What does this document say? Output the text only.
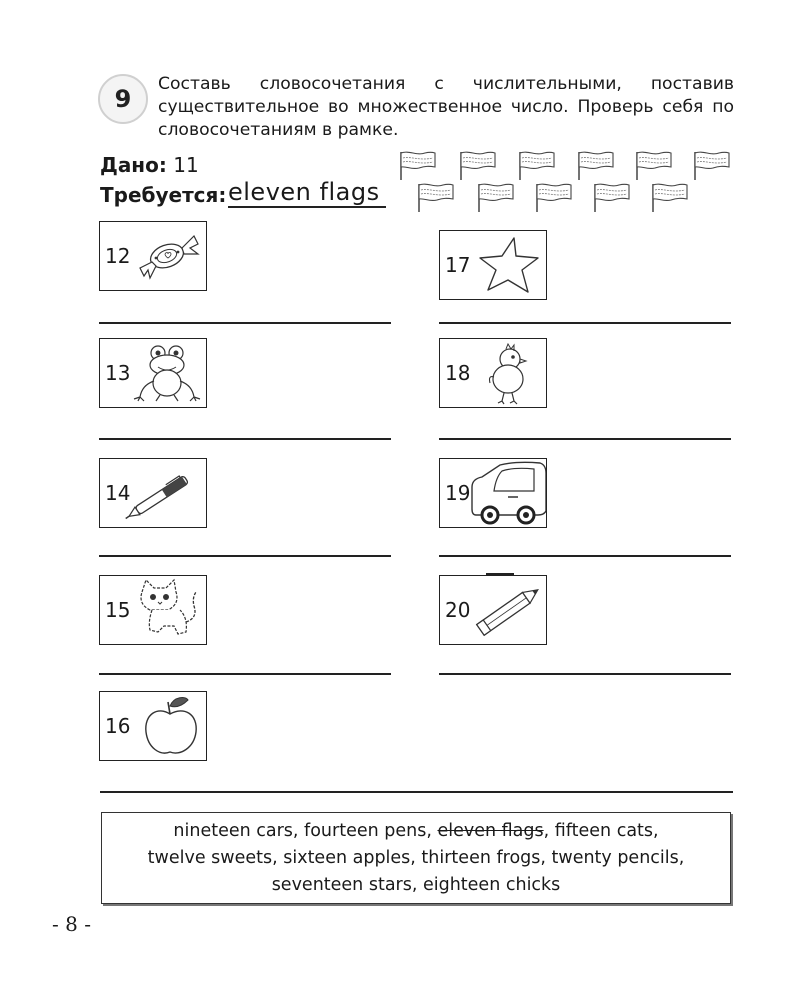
9
Составь словосочетания с числительными, поставив существительное во множественное число. Проверь себя по словосочетаниям в рамке.
Дано: 11
Требуется: eleven flags
12
13
14
15
16
17
18
19
20
nineteen cars, fourteen pens, eleven flags, fifteen cats,
twelve sweets, sixteen apples, thirteen frogs, twenty pencils,
seventeen stars, eighteen chicks
- 8 -
